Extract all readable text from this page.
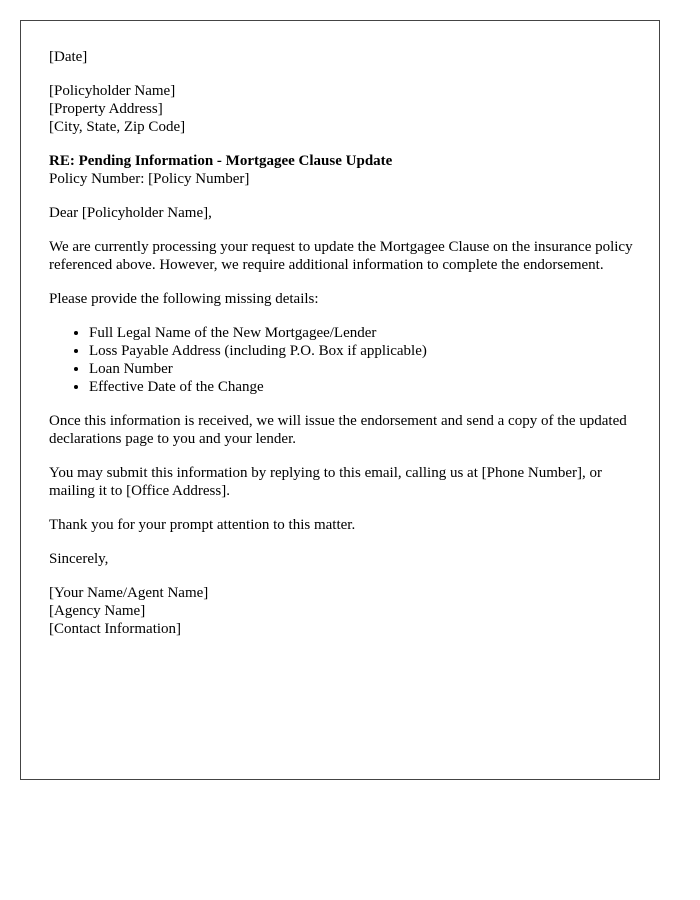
[Date]

[Policyholder Name]
[Property Address]
[City, State, Zip Code]

RE: Pending Information - Mortgagee Clause Update
Policy Number: [Policy Number]

Dear [Policyholder Name],

We are currently processing your request to update the Mortgagee Clause on the insurance policy referenced above. However, we require additional information to complete the endorsement.

Please provide the following missing details:

• Full Legal Name of the New Mortgagee/Lender
• Loss Payable Address (including P.O. Box if applicable)
• Loan Number
• Effective Date of the Change

Once this information is received, we will issue the endorsement and send a copy of the updated declarations page to you and your lender.

You may submit this information by replying to this email, calling us at [Phone Number], or mailing it to [Office Address].

Thank you for your prompt attention to this matter.

Sincerely,

[Your Name/Agent Name]
[Agency Name]
[Contact Information]
